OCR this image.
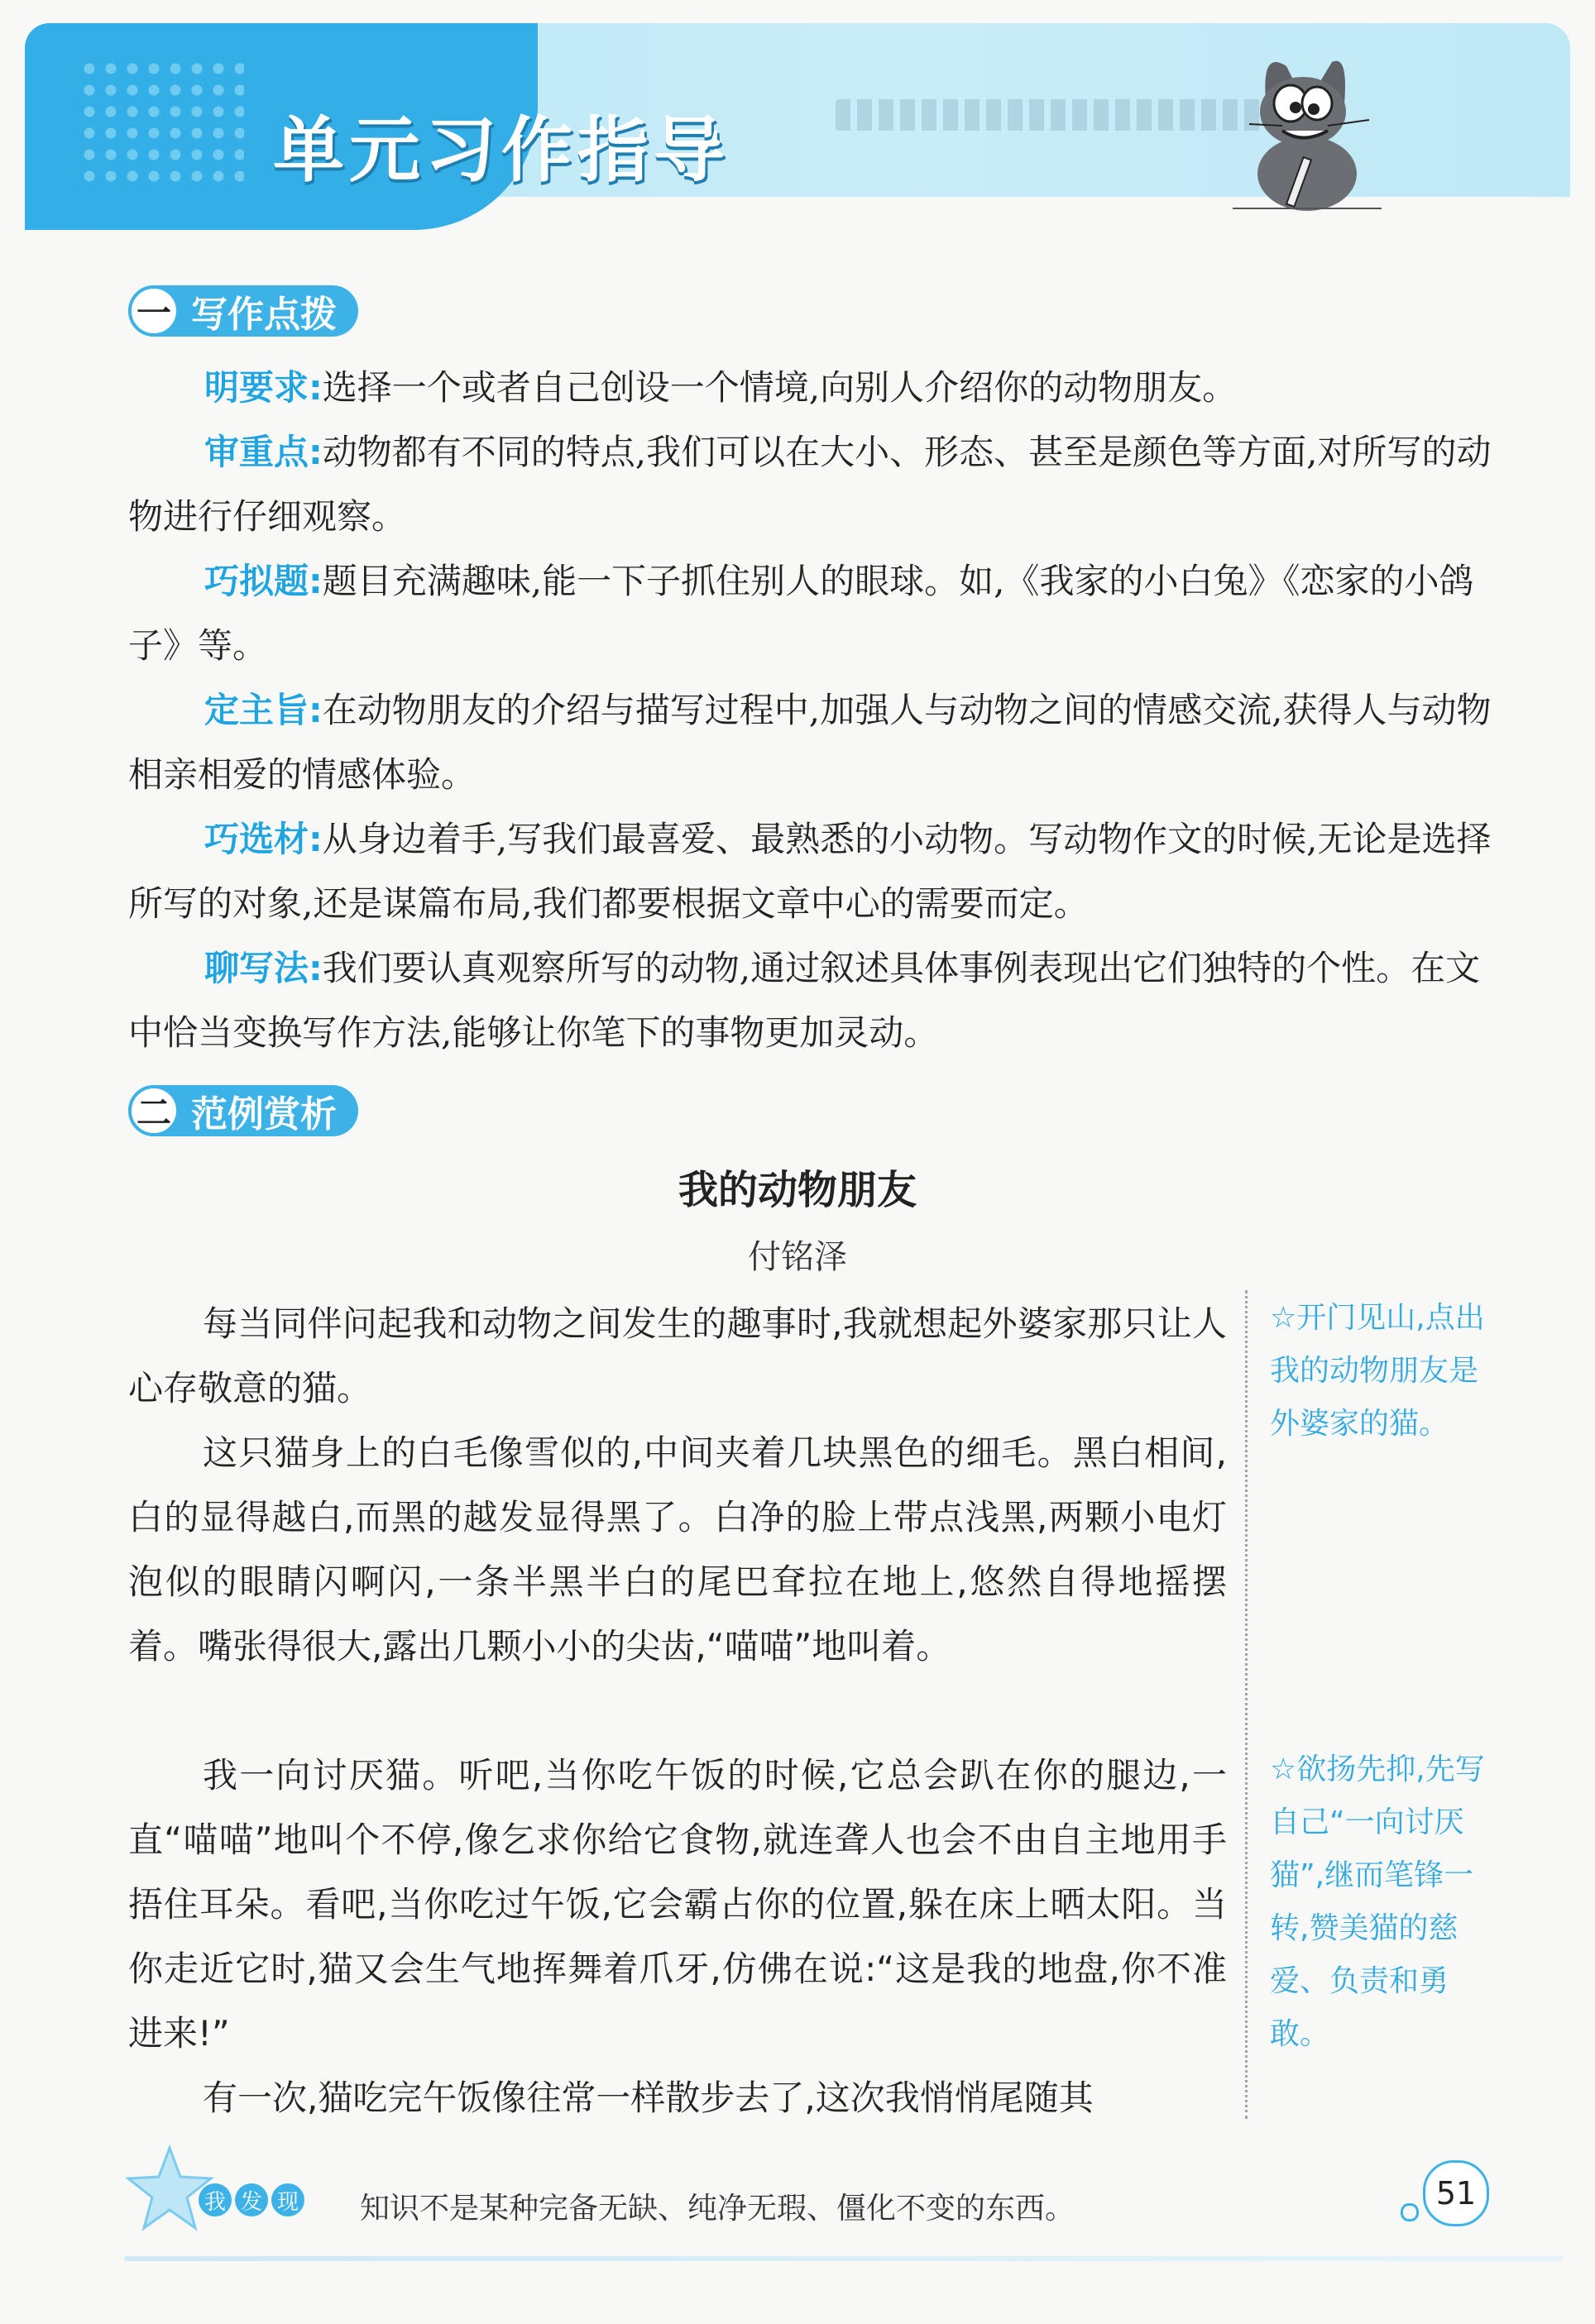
单元习作指导
一 写作点拨
明要求:选择一个或者自己创设一个情境,向别人介绍你的动物朋友。
审重点:动物都有不同的特点,我们可以在大小、形态、甚至是颜色等方面,对所写的动物进行仔细观察。
巧拟题:题目充满趣味,能一下子抓住别人的眼球。如,《我家的小白兔》《恋家的小鸽子》等。
定主旨:在动物朋友的介绍与描写过程中,加强人与动物之间的情感交流,获得人与动物相亲相爱的情感体验。
巧选材:从身边着手,写我们最喜爱、最熟悉的小动物。写动物作文的时候,无论是选择所写的对象,还是谋篇布局,我们都要根据文章中心的需要而定。
聊写法:我们要认真观察所写的动物,通过叙述具体事例表现出它们独特的个性。在文中恰当变换写作方法,能够让你笔下的事物更加灵动。
二 范例赏析
我的动物朋友
付铭泽
每当同伴问起我和动物之间发生的趣事时,我就想起外婆家那只让人心存敬意的猫。
这只猫身上的白毛像雪似的,中间夹着几块黑色的细毛。黑白相间,白的显得越白,而黑的越发显得黑了。白净的脸上带点浅黑,两颗小电灯泡似的眼睛闪啊闪,一条半黑半白的尾巴耷拉在地上,悠然自得地摇摆着。嘴张得很大,露出几颗小小的尖齿,“喵喵”地叫着。
我一向讨厌猫。听吧,当你吃午饭的时候,它总会趴在你的腿边,一直“喵喵”地叫个不停,像乞求你给它食物,就连聋人也会不由自主地用手捂住耳朵。看吧,当你吃过午饭,它会霸占你的位置,躲在床上晒太阳。当你走近它时,猫又会生气地挥舞着爪牙,仿佛在说:“这是我的地盘,你不准进来!”
有一次,猫吃完午饭像往常一样散步去了,这次我悄悄尾随其
☆开门见山,点出我的动物朋友是外婆家的猫。
☆欲扬先抑,先写自己“一向讨厌猫”,继而笔锋一转,赞美猫的慈爱、负责和勇敢。
我 发 现 知识不是某种完备无缺、纯净无瑕、僵化不变的东西。	51
